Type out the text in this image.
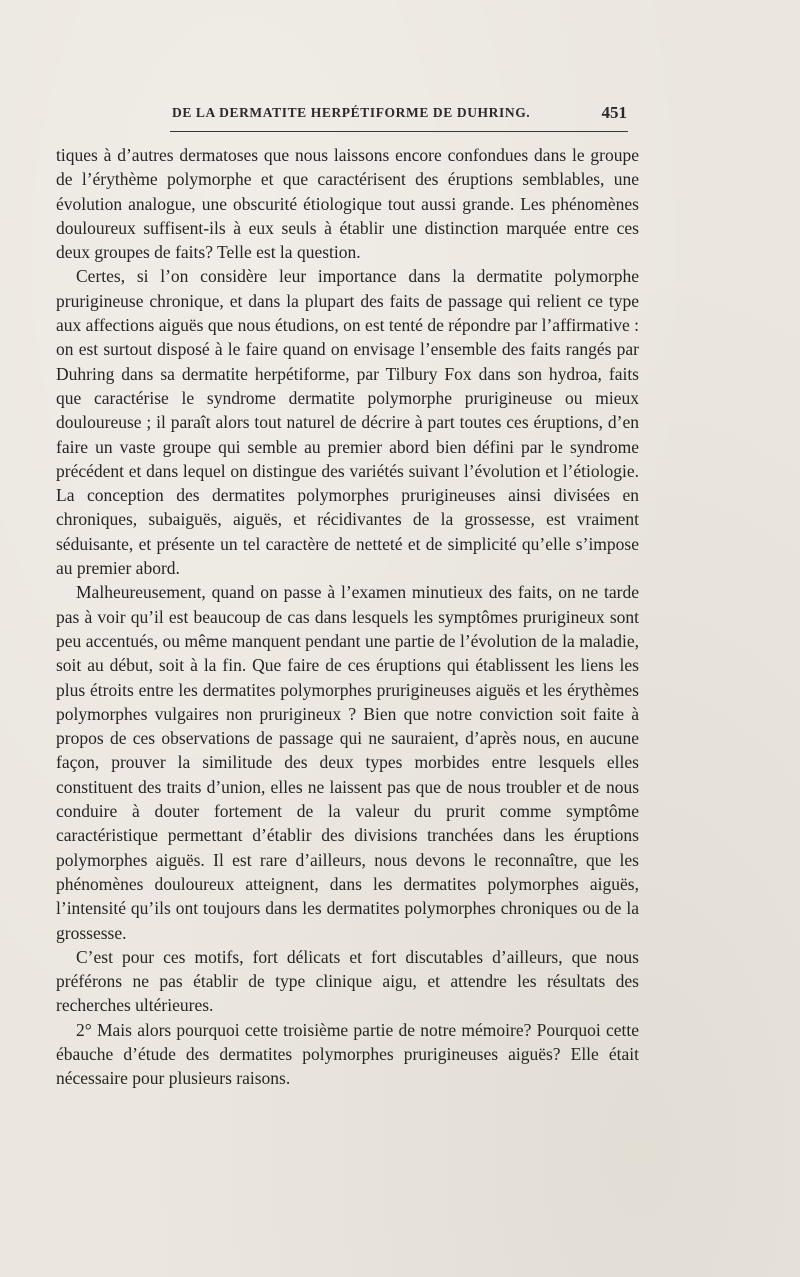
DE LA DERMATITE HERPÉTIFORME DE DUHRING.	451

tiques à d’autres dermatoses que nous laissons encore confondues dans le groupe de l’érythème polymorphe et que caractérisent des éruptions semblables, une évolution analogue, une obscurité étiologique tout aussi grande. Les phénomènes douloureux suffisent-ils à eux seuls à établir une distinction marquée entre ces deux groupes de faits? Telle est la question.

Certes, si l’on considère leur importance dans la dermatite polymorphe prurigineuse chronique, et dans la plupart des faits de passage qui relient ce type aux affections aiguës que nous étudions, on est tenté de répondre par l’affirmative : on est surtout disposé à le faire quand on envisage l’ensemble des faits rangés par Duhring dans sa dermatite herpétiforme, par Tilbury Fox dans son hydroa, faits que caractérise le syndrome dermatite polymorphe prurigineuse ou mieux douloureuse ; il paraît alors tout naturel de décrire à part toutes ces éruptions, d’en faire un vaste groupe qui semble au premier abord bien défini par le syndrome précédent et dans lequel on distingue des variétés suivant l’évolution et l’étiologie. La conception des dermatites polymorphes prurigineuses ainsi divisées en chroniques, subaiguës, aiguës, et récidivantes de la grossesse, est vraiment séduisante, et présente un tel caractère de netteté et de simplicité qu’elle s’impose au premier abord.

Malheureusement, quand on passe à l’examen minutieux des faits, on ne tarde pas à voir qu’il est beaucoup de cas dans lesquels les symptômes prurigineux sont peu accentués, ou même manquent pendant une partie de l’évolution de la maladie, soit au début, soit à la fin. Que faire de ces éruptions qui établissent les liens les plus étroits entre les dermatites polymorphes prurigineuses aiguës et les érythèmes polymorphes vulgaires non prurigineux ? Bien que notre conviction soit faite à propos de ces observations de passage qui ne sauraient, d’après nous, en aucune façon, prouver la similitude des deux types morbides entre lesquels elles constituent des traits d’union, elles ne laissent pas que de nous troubler et de nous conduire à douter fortement de la valeur du prurit comme symptôme caractéristique permettant d’établir des divisions tranchées dans les éruptions polymorphes aiguës. Il est rare d’ailleurs, nous devons le reconnaître, que les phénomènes douloureux atteignent, dans les dermatites polymorphes aiguës, l’intensité qu’ils ont toujours dans les dermatites polymorphes chroniques ou de la grossesse.

C’est pour ces motifs, fort délicats et fort discutables d’ailleurs, que nous préférons ne pas établir de type clinique aigu, et attendre les résultats des recherches ultérieures.

2° Mais alors pourquoi cette troisième partie de notre mémoire? Pourquoi cette ébauche d’étude des dermatites polymorphes prurigineuses aiguës? Elle était nécessaire pour plusieurs raisons.
